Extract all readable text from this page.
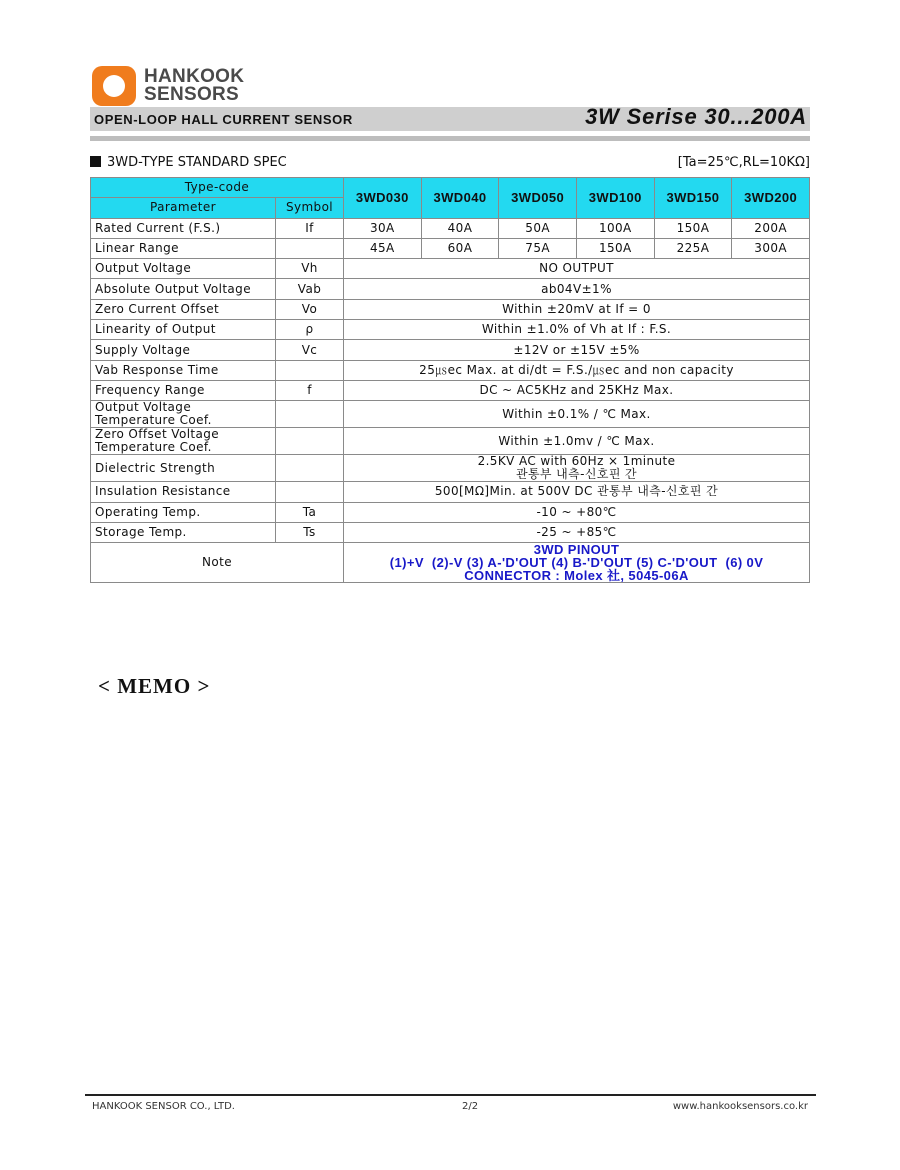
HANKOOK
SENSORS
OPEN-LOOP HALL CURRENT SENSOR	3W Serise 30...200A
3WD-TYPE STANDARD SPEC	[Ta=25℃,RL=10KΩ]
Type-code		3WD030	3WD040	3WD050	3WD100	3WD150	3WD200
Parameter	Symbol						
Rated Current (F.S.)	If	30A	40A	50A	100A	150A	200A
Linear Range		45A	60A	75A	150A	225A	300A
Output Voltage	Vh	NO OUTPUT					
Absolute Output Voltage	Vab	ab04V±1%					
Zero Current Offset	Vo	Within ±20mV at If = 0					
Linearity of Output	ρ	Within ±1.0% of Vh at If : F.S.					
Supply Voltage	Vc	±12V or ±15V ±5%					
Vab Response Time		25㎲ec Max. at di/dt = F.S./㎲ec and non capacity					
Frequency Range	f	DC ~ AC5KHz and 25KHz Max.					

Output Voltage
Temperature Coef.		Within ±0.1% / ℃ Max.					

Zero Offset Voltage
Temperature Coef.		Within ±1.0mv / ℃ Max.					

Dielectric Strength		2.5KV AC with 60Hz × 1minute
관통부 내측-신호핀 간					

Insulation Resistance		500[MΩ]Min. at 500V DC 관통부 내측-신호핀 간					
Operating Temp.	Ta	-10 ~ +80℃					
Storage Temp.	Ts	-25 ~ +85℃					
Note		3WD PINOUT
(1)+V  (2)-V (3) A-'D'OUT (4) B-'D'OUT (5) C-'D'OUT  (6) 0V
CONNECTOR : Molex 社, 5045-06A					
< MEMO >
HANKOOK SENSOR CO., LTD.	2/2	www.hankooksensors.co.kr
